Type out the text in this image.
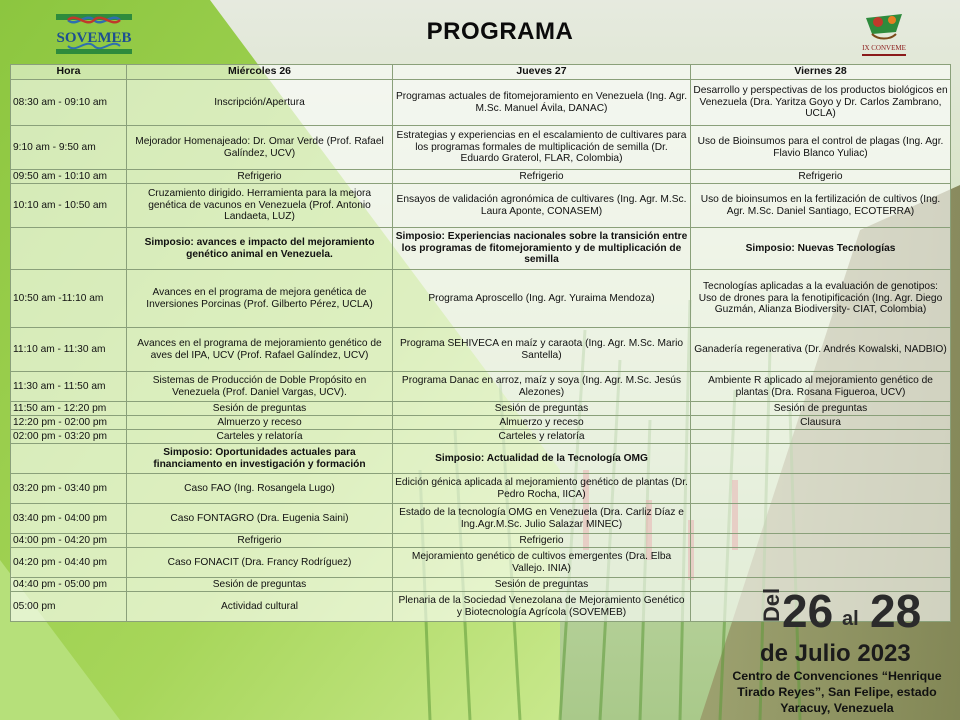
SOVEMEB
IX CONVEME
PROGRAMA
Hora	Miércoles 26	Jueves 27	Viernes 28
08:30 am - 09:10 am	Inscripción/Apertura	Programas actuales de fitomejoramiento en Venezuela (Ing. Agr. M.Sc. Manuel Ávila, DANAC)	Desarrollo y perspectivas de los productos biológicos en Venezuela (Dra. Yaritza Goyo y Dr. Carlos Zambrano, UCLA)
9:10 am - 9:50 am	Mejorador Homenajeado: Dr. Omar Verde (Prof. Rafael Galíndez, UCV)	Estrategias y experiencias en el escalamiento de cultivares para los programas formales de multiplicación de semilla (Dr. Eduardo Graterol, FLAR, Colombia)	Uso de Bioinsumos para el control de plagas (Ing. Agr. Flavio Blanco Yuliac)
09:50 am - 10:10 am	Refrigerio	Refrigerio	Refrigerio
10:10 am - 10:50 am	Cruzamiento dirigido. Herramienta para la mejora genética de vacunos en Venezuela (Prof. Antonio Landaeta, LUZ)	Ensayos de validación agronómica de cultivares (Ing. Agr. M.Sc. Laura Aponte, CONASEM)	Uso de bioinsumos en la fertilización de cultivos (Ing. Agr. M.Sc. Daniel Santiago, ECOTERRA)
	Simposio: avances e impacto del mejoramiento genético animal en Venezuela.	Simposio: Experiencias nacionales sobre la transición entre los programas de fitomejoramiento y de multiplicación de semilla	Simposio: Nuevas Tecnologías
10:50 am -11:10 am	Avances en el programa de mejora genética de Inversiones Porcinas (Prof. Gilberto Pérez, UCLA)	Programa Aproscello (Ing. Agr. Yuraima Mendoza)	Tecnologías aplicadas a la evaluación de genotipos: Uso de drones para la fenotipificación (Ing. Agr. Diego Guzmán, Alianza Biodiversity- CIAT, Colombia)
11:10 am - 11:30 am	Avances en el programa de mejoramiento genético de aves del IPA, UCV (Prof. Rafael Galíndez, UCV)	Programa SEHIVECA en maíz y caraota (Ing. Agr. M.Sc. Mario Santella)	Ganadería regenerativa (Dr. Andrés Kowalski, NADBIO)
11:30 am - 11:50 am	Sistemas de Producción de Doble Propósito en Venezuela (Prof. Daniel Vargas, UCV).	Programa Danac en arroz, maíz y soya (Ing. Agr. M.Sc. Jesús Alezones)	Ambiente R aplicado al mejoramiento genético de plantas (Dra. Rosana Figueroa, UCV)
11:50 am - 12:20 pm	Sesión de preguntas	Sesión de preguntas	Sesión de preguntas
12:20 pm - 02:00 pm	Almuerzo y receso	Almuerzo y receso	Clausura
02:00 pm - 03:20 pm	Carteles y relatoría	Carteles y relatoría	
	Simposio: Oportunidades actuales para financiamento en investigación y formación	Simposio: Actualidad de la Tecnología OMG	
03:20 pm - 03:40 pm	Caso FAO (Ing. Rosangela Lugo)	Edición génica aplicada al mejoramiento genético de plantas (Dr. Pedro Rocha, IICA)	
03:40 pm - 04:00 pm	Caso FONTAGRO (Dra. Eugenia Saini)	Estado de la tecnología OMG en Venezuela (Dra. Carliz Díaz e Ing.Agr.M.Sc. Julio Salazar MINEC)	
04:00 pm - 04:20 pm	Refrigerio	Refrigerio	
04:20 pm - 04:40 pm	Caso FONACIT (Dra. Francy Rodríguez)	Mejoramiento genético de cultivos emergentes (Dra. Elba Vallejo. INIA)	
04:40 pm - 05:00 pm	Sesión de preguntas	Sesión de preguntas	
05:00 pm	Actividad cultural	Plenaria de la Sociedad Venezolana de Mejoramiento Genético y Biotecnología Agrícola (SOVEMEB)		Del
26 al 28
de Julio 2023
Centro de Convenciones “Henrique Tirado Reyes”, San Felipe, estado Yaracuy, Venezuela
